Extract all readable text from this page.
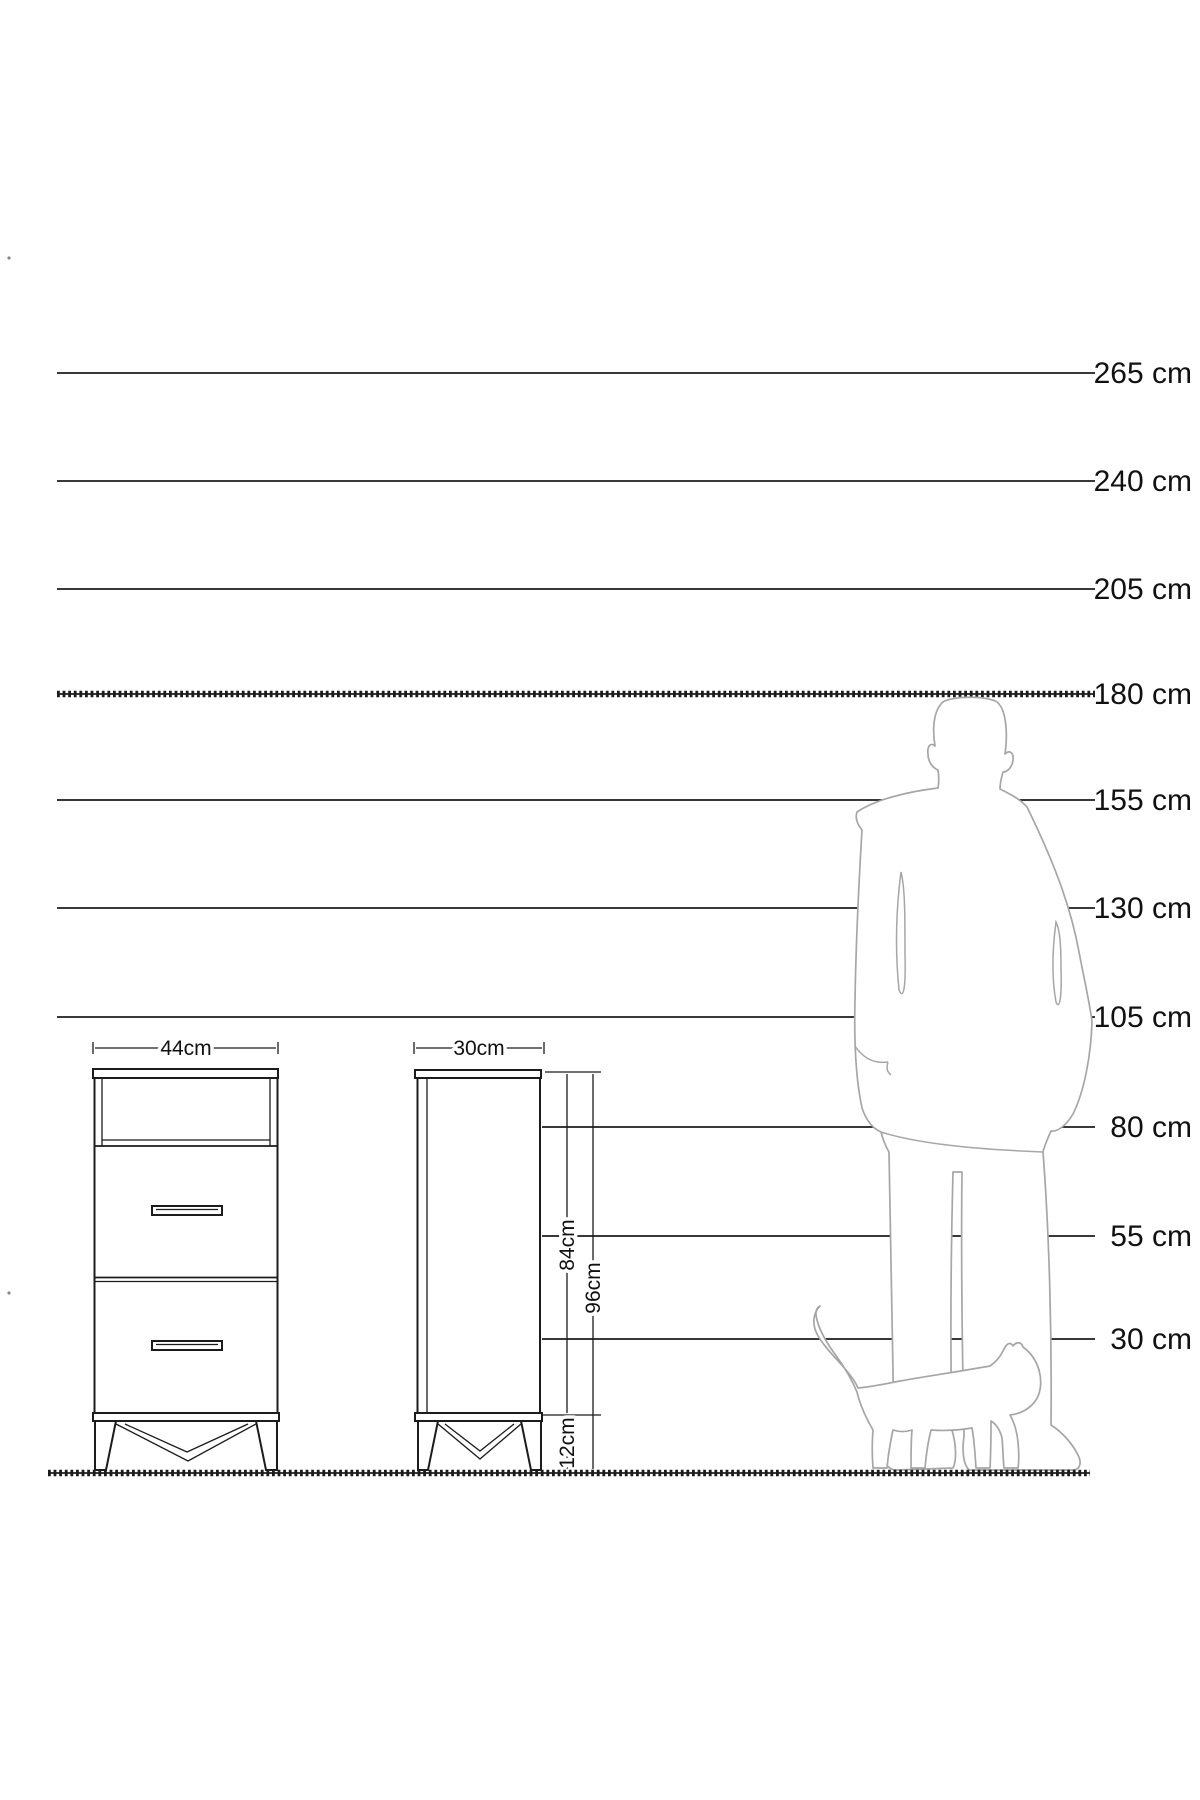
44cm	30cm
84cm
12cm
96cm
265 cm
240 cm
205 cm
180 cm
155 cm
130 cm
105 cm
80 cm
55 cm
30 cm
